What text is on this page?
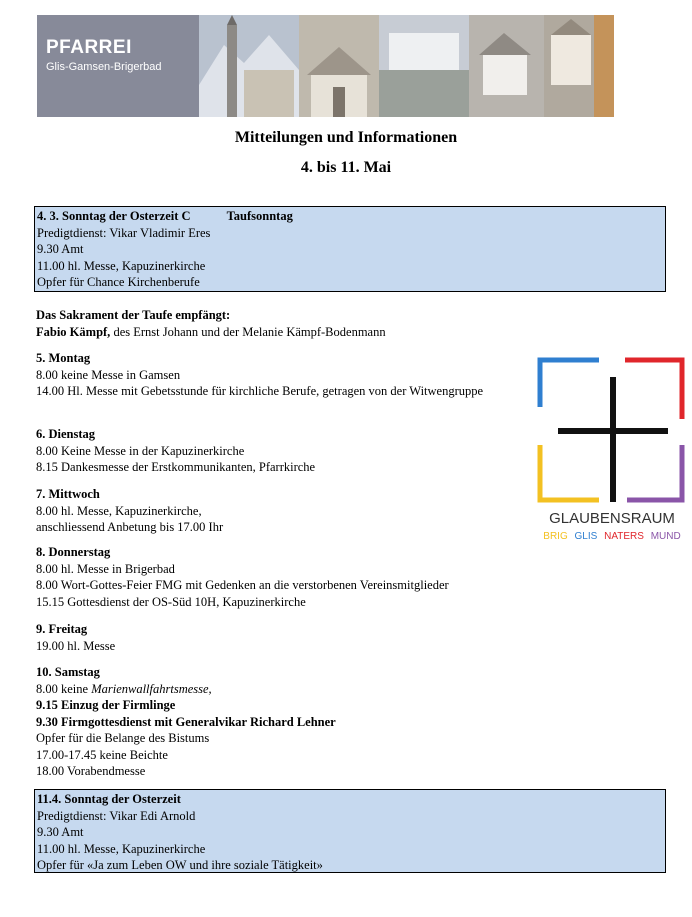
PFARREI
Glis-Gamsen-Brigerbad
Mitteilungen und Informationen
4. bis 11. Mai
4. 3. Sonntag der Osterzeit C	Taufsonntag
Predigtdienst: Vikar Vladimir Eres
9.30 Amt
11.00 hl. Messe, Kapuzinerkirche
Opfer für Chance Kirchenberufe
Das Sakrament der Taufe empfängt:
Fabio Kämpf, des Ernst Johann und der Melanie Kämpf-Bodenmann
5. Montag
8.00 keine Messe in Gamsen
14.00 Hl. Messe mit Gebetsstunde für kirchliche Berufe, getragen von der Witwengruppe
6. Dienstag
8.00 Keine Messe in der Kapuzinerkirche
8.15 Dankesmesse der Erstkommunikanten, Pfarrkirche
7. Mittwoch
8.00 hl. Messe, Kapuzinerkirche,
anschliessend Anbetung bis 17.00 Ihr
8. Donnerstag
8.00 hl. Messe in Brigerbad
8.00 Wort-Gottes-Feier FMG mit Gedenken an die verstorbenen Vereinsmitglieder
15.15 Gottesdienst der OS-Süd 10H, Kapuzinerkirche
9. Freitag
19.00 hl. Messe
10. Samstag
8.00 keine Marienwallfahrtsmesse,
9.15 Einzug der Firmlinge
9.30 Firmgottesdienst mit Generalvikar Richard Lehner
Opfer für die Belange des Bistums
17.00-17.45 keine Beichte
18.00 Vorabendmesse
11.4. Sonntag der Osterzeit
Predigtdienst: Vikar Edi Arnold
9.30 Amt
11.00 hl. Messe, Kapuzinerkirche
Opfer für «Ja zum Leben OW und ihre soziale Tätigkeit»
GLAUBENSRAUM
BRIG GLIS NATERS MUND
